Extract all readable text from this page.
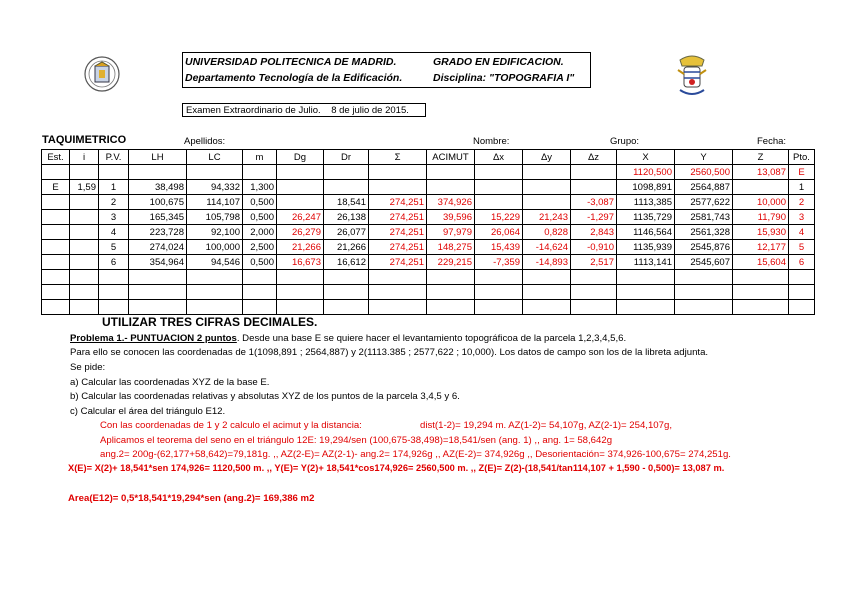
UNIVERSIDAD POLITECNICA DE MADRID.	GRADO EN EDIFICACION.
Departamento Tecnología de la Edificación.	Disciplina: "TOPOGRAFIA I"
Examen Extraordinario de Julio. 8 de julio de 2015.
TAQUIMETRICO	Apellidos:	Nombre:	Grupo:	Fecha:
Est.	i	P.V.	LH	LC	m	Dg	Dr	Σ	ACIMUT	Δx	Δy	Δz	X	Y	Z	Pto.
													1120,500	2560,500	13,087	E
E	1,59	1	38,498	94,332	1,300								1098,891	2564,887		1
		2	100,675	114,107	0,500		18,541	274,251	374,926			-3,087	1113,385	2577,622	10,000	2
		3	165,345	105,798	0,500	26,247	26,138	274,251	39,596	15,229	21,243	-1,297	1135,729	2581,743	11,790	3
		4	223,728	92,100	2,000	26,279	26,077	274,251	97,979	26,064	0,828	2,843	1146,564	2561,328	15,930	4
		5	274,024	100,000	2,500	21,266	21,266	274,251	148,275	15,439	-14,624	-0,910	1135,939	2545,876	12,177	5
		6	354,964	94,546	0,500	16,673	16,612	274,251	229,215	-7,359	-14,893	2,517	1113,141	2545,607	15,604	6

UTILIZAR TRES CIFRAS DECIMALES.
Problema 1.- PUNTUACION 2 puntos. Desde una base E se quiere hacer el levantamiento topográficoa de la parcela 1,2,3,4,5,6.
Para ello se conocen las coordenadas de 1(1098,891 ; 2564,887) y 2(1113.385 ; 2577,622 ; 10,000). Los datos de campo son los de la libreta adjunta.
Se pide:
a) Calcular las coordenadas XYZ de la base E.
b) Calcular las coordenadas relativas y absolutas XYZ de los puntos de la parcela 3,4,5 y 6.
c) Calcular el área del triángulo E12.
Con las coordenadas de 1 y 2 calculo el acimut y la distancia:	dist(1-2)= 19,294 m. AZ(1-2)= 54,107g, AZ(2-1)= 254,107g,
Aplicamos el teorema del seno en el triángulo 12E: 19,294/sen (100,675-38,498)=18,541/sen (ang. 1) ,, ang. 1= 58,642g
ang.2= 200g-(62,177+58,642)=79,181g. ,, AZ(2-E)= AZ(2-1)- ang.2= 174,926g ,, AZ(E-2)= 374,926g ,, Desorientación= 374,926-100,675= 274,251g.
X(E)= X(2)+ 18,541*sen 174,926= 1120,500 m. ,, Y(E)= Y(2)+ 18,541*cos174,926= 2560,500 m. ,, Z(E)= Z(2)-(18,541/tan114,107 + 1,590 - 0,500)= 13,087 m.
Area(E12)= 0,5*18,541*19,294*sen (ang.2)= 169,386 m2
